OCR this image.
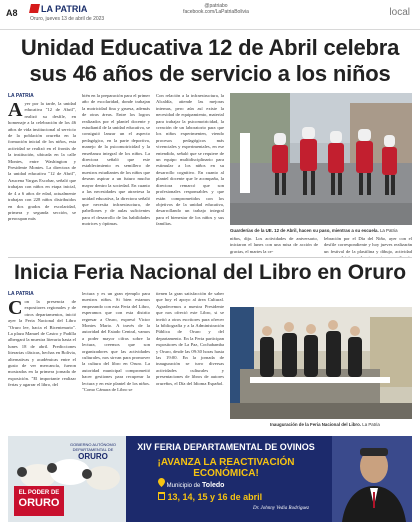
A8	LA PATRIA
Oruro, jueves 13 de abril de 2023
@patriabo
facebook.com/LaPatriaBolivia	local
Unidad Educativa 12 de Abril celebra sus 46 años de servicio a los niños
LA PATRIA
Ayer por la tarde, la unidad educativa "12 de Abril", realizó su desfile, en homenaje a la celebración de los 46 años de vida institucional al servicio de la población orureña en la formación inicial de los niños, esta actividad se realizó en el frontis de la institución, ubicada en la calle Montes, entre Washington y Presidente Montes. La directora de la unidad educativa "12 de Abril", Azucena Vargas Escobar, señaló que trabajan con niños en etapa inicial, de 4 a 6 años de edad, actualmente trabajan con 228 niños distribuidos en dos grados de escolaridad, primera y segunda sección, se preocupan más
bién en la preparación para el primer año de escolaridad, donde trabajan la motricidad fina y gruesa, además de otras áreas. Entre los logros realizados por el plantel docente y estudiantil de la unidad educativa, se consiguió lanzar un el aspecto pedagógico, en la parte deportiva, manejo de la psicomotricidad y la enseñanza integral de los niños. La directora señaló que este establecimiento es semillero de nuestros estudiantes de los niños que desean aspirar a un futuro mucho mayor dentro la sociedad. En cuanto a las necesidades que atraviesa la unidad educativa, la directora señaló que necesita infraestructura, de pabellones y de aulas suficientes para el desarrollo de las habilidades motrices y óptimas.
Con relación a la infraestructura, la Alcaldía, atiende las mejoras internas, pero aún así existe la necesidad de equipamiento, material para trabajar la psicomotricidad, la creación de un laboratorio para que los niños experimenten, viendo procesos pedagógicos más vivenciales y experimentales, en ese entendido, señaló que se requiere de un equipo multidisciplinario para estimular a los niños en su desarrollo cognitivo. En cuanto al plantel docente que le acompaña, la directora remarcó que son profesionales responsables y que están comprometidos con los objetivos de la unidad educativa, desarrollando un trabajo integral para el bienestar de los niños y sus familias.
Guarderías de la UE. 12 de Abril, hacen su paso, mientras a su escuela. La Patria
niños, dijo. Los actividades de aniversario, iniciaron el lunes con una misa de acción de gracias, el martes la ce-
lebración por el Día del Niño, ayer con el desfile correspondiente y hoy jueves realizarán un festival de la plastilina y dibujo, actividad
Inicia Feria Nacional del Libro en Oruro
LA PATRIA
Con la presencia de expositores regionales y de otros departamentos, inició ayer la Feria Nacional del Libro "Oruro lee, hacia el Bicentenario". La plaza Manuel de Castro y Padilla albergará la muestra literaria hasta el lunes 18 de abril. Predicciones literarias clásicas, hechas en Bolivia, alternativas y académicas entre el gusto de ver mercancía, fueron mostradas en la primera jornada de exposición. "El importante realizar ferias y agarrar el libro, del
lectura y es un gran ejemplo para nuestros niños. Si bien estamos empezando con esta Feria del Libro, esperamos que con esta distrito regresar a Oruro, expresó Victor Montes Mario. A través de la autoridad del Estado Central, vamos a poder mayor cifras sobre la lectura, creemos que son organizadores que las actividades culturales, nos sirvan para promover la cultura del libro en Oruro. La autoridad municipal comprometió hacer gestiones para recuperar la lectura y en este plantel de los niños. "Como Cámara de Libro se
tienen la gran satisfacción de saber que hoy el apoyo al área Cultural. Agradecemos a nuestra Presidente que nos ofreció este Libro, si se invitó a otros escritores para ofrecer la bibliografía y a la Administración Pública de Oruro y del departamento. En la Feria participan expositores de La Paz, Cochabamba y Oruro, desde las 09:30 horas hasta las 19:00. En la jornada de inauguración se tuvo diversas actividades culturales y presentaciones de libros de autores orureños, el Día del Idioma Español.
Inauguración de la Feria Nacional del Libro. La Patria
EL PODER DE
ORURO
GOBIERNO AUTÓNOMO DEPARTAMENTAL DE
ORURO
XIV FERIA DEPARTAMENTAL DE OVINOS
¡AVANZA LA REACTIVACIÓN ECONÓMICA!
Municipio de Toledo
13, 14, 15 y 16 de abril
Dr. Johnny Vedia Rodríguez
